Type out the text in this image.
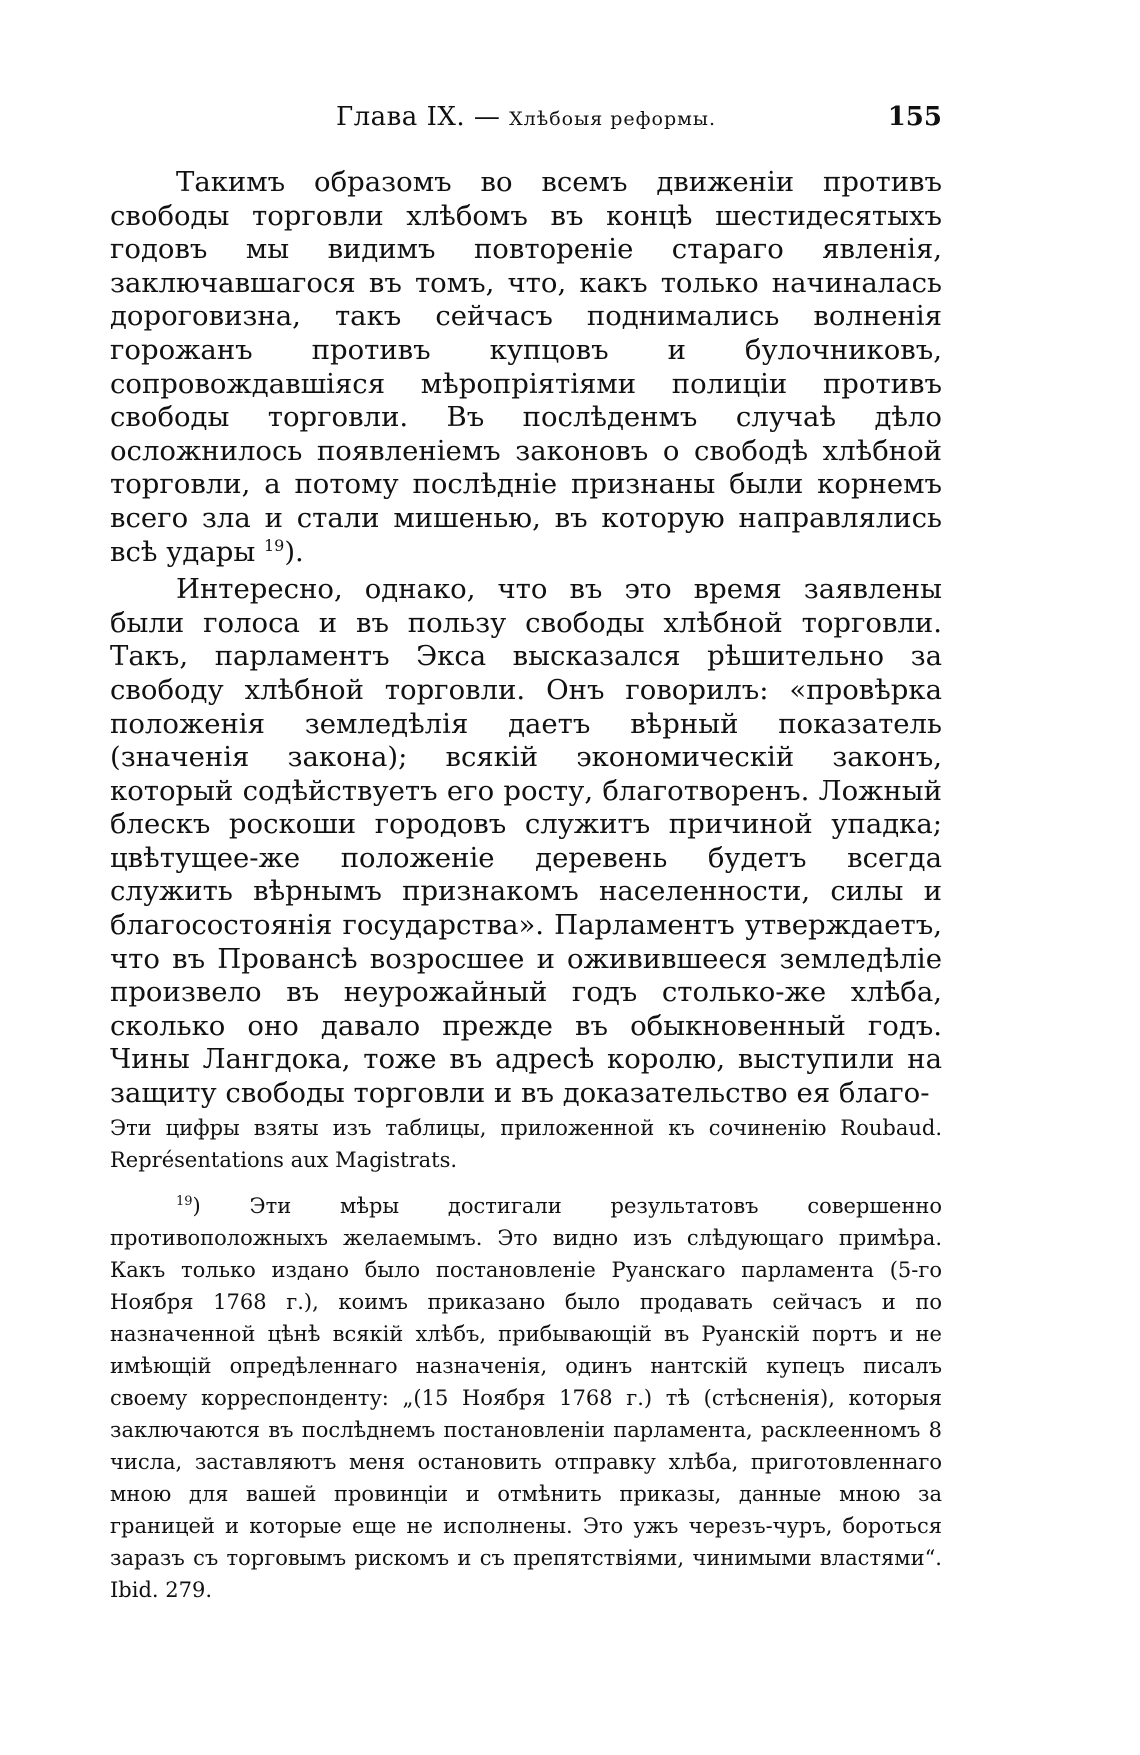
Глава IX. — Хлѣбоыя реформы.	155

Такимъ образомъ во всемъ движеніи противъ свободы торговли хлѣбомъ въ концѣ шестидесятыхъ годовъ мы видимъ повтореніе стараго явленія, заключавшагося въ томъ, что, какъ только начиналась дороговизна, такъ сейчасъ поднимались волненія горожанъ противъ купцовъ и булочниковъ, сопровождавшіяся мѣропріятіями полиціи противъ свободы торговли. Въ послѣденмъ случаѣ дѣло осложнилось появленіемъ законовъ о свободѣ хлѣбной торговли, а потому послѣдніе признаны были корнемъ всего зла и стали мишенью, въ которую направлялись всѣ удары $^{19}$).

Интересно, однако, что въ это время заявлены были голоса и въ пользу свободы хлѣбной торговли. Такъ, парламентъ Экса высказался рѣшительно за свободу хлѣбной торговли. Онъ говорилъ: «провѣрка положенія земледѣлія даетъ вѣрный показатель (значенія закона); всякій экономическій законъ, который содѣйствуетъ его росту, благотворенъ. Ложный блескъ роскоши городовъ служитъ причиной упадка; цвѣтущее-же положеніе деревень будетъ всегда служить вѣрнымъ признакомъ населенности, силы и благосостоянія государства». Парламентъ утверждаетъ, что въ Провансѣ возросшее и оживившееся земледѣліе произвело въ неурожайный годъ столько-же хлѣба, сколько оно давало прежде въ обыкновенный годъ. Чины Лангдока, тоже въ адресѣ королю, выступили на защиту свободы торговли и въ доказательство ея благо-

Эти цифры взяты изъ таблицы, приложенной къ сочиненію Roubaud. Représentations aux Magistrats.

$^{19}$) Эти мѣры достигали результатовъ совершенно противоположныхъ желаемымъ. Это видно изъ слѣдующаго примѣра. Какъ только издано было постановленіе Руанскаго парламента (5-го Ноября 1768 г.), коимъ приказано было продавать сейчасъ и по назначенной цѣнѣ всякій хлѣбъ, прибывающій въ Руанскій портъ и не имѣющій опредѣленнаго назначенія, одинъ нантскій купецъ писалъ своему корреспонденту: „(15 Ноября 1768 г.) тѣ (стѣсненія), которыя заключаются въ послѣднемъ постановленіи парламента, расклеенномъ 8 числа, заставляютъ меня остановить отправку хлѣба, приготовленнаго мною для вашей провинціи и отмѣнить приказы, данные мною за границей и которые еще не исполнены. Это ужъ черезъ-чуръ, бороться заразъ съ торговымъ рискомъ и съ препятствіями, чинимыми властями“. Ibid. 279.
